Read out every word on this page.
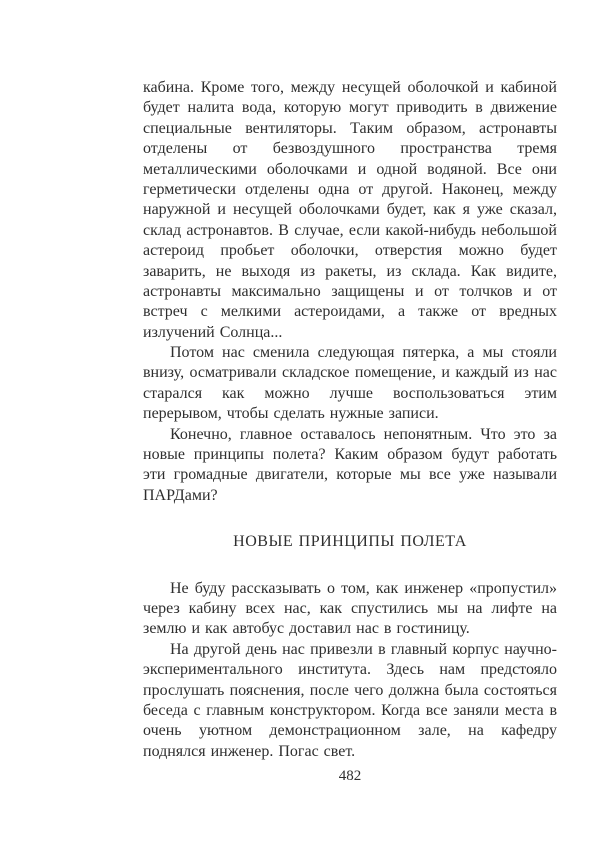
кабина. Кроме того, между несущей оболочкой и кабиной будет налита вода, которую могут приводить в движение специальные вентиляторы. Таким образом, астронавты отделены от безвоздушного пространства тремя металлическими оболочками и одной водяной. Все они герметически отделены одна от другой. Наконец, между наружной и несущей оболочками будет, как я уже сказал, склад астронавтов. В случае, если какой-нибудь небольшой астероид пробьет оболочки, отверстия можно будет заварить, не выходя из ракеты, из склада. Как видите, астронавты максимально защищены и от толчков и от встреч с мелкими астероидами, а также от вредных излучений Солнца...

Потом нас сменила следующая пятерка, а мы стояли внизу, осматривали складское помещение, и каждый из нас старался как можно лучше воспользоваться этим перерывом, чтобы сделать нужные записи.

Конечно, главное оставалось непонятным. Что это за новые принципы полета? Каким образом будут работать эти громадные двигатели, которые мы все уже называли ПАРДами?

НОВЫЕ ПРИНЦИПЫ ПОЛЕТА

Не буду рассказывать о том, как инженер «пропустил» через кабину всех нас, как спустились мы на лифте на землю и как автобус доставил нас в гостиницу.

На другой день нас привезли в главный корпус научно-экспериментального института. Здесь нам предстояло прослушать пояснения, после чего должна была состояться беседа с главным конструктором. Когда все заняли места в очень уютном демонстрационном зале, на кафедру поднялся инженер. Погас свет.

482
